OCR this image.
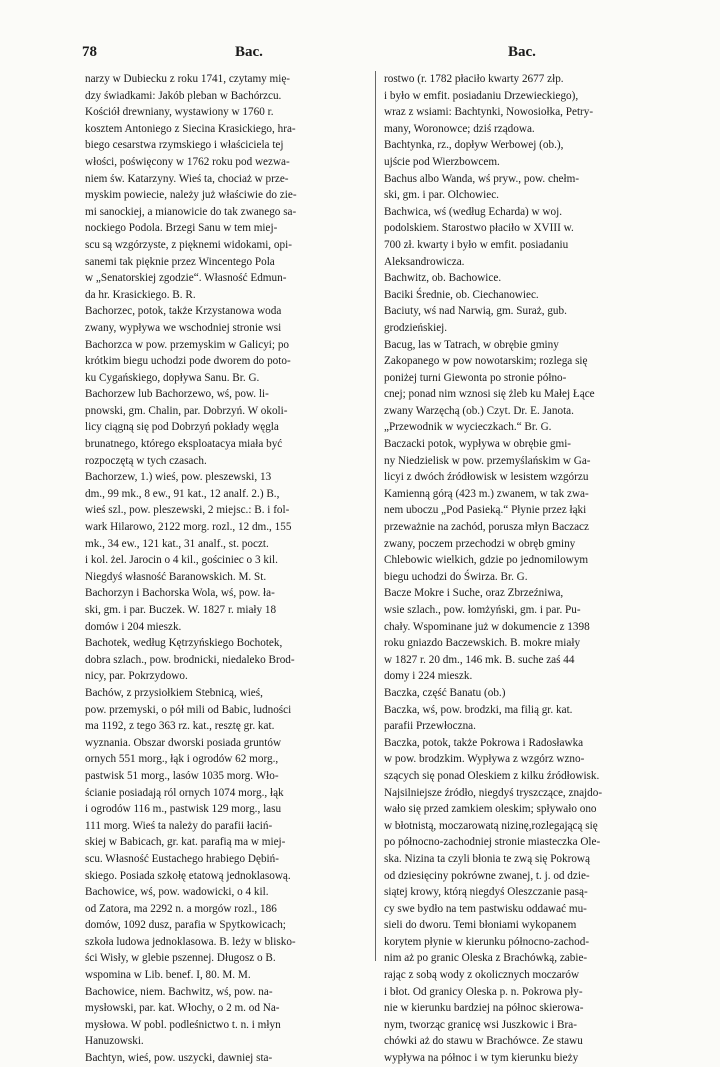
78	Bac.	Bac.
narzy w Dubiecku z roku 1741, czytamy mię-
dzy świadkami: Jakób pleban w Bachórzcu.
Kościół drewniany, wystawiony w 1760 r.
kosztem Antoniego z Siecina Krasickiego, hra-
biego cesarstwa rzymskiego i właściciela tej
włości, poświęcony w 1762 roku pod wezwa-
niem św. Katarzyny. Wieś ta, chociaż w prze-
myskim powiecie, należy już właściwie do zie-
mi sanockiej, a mianowicie do tak zwanego sa-
nockiego Podola. Brzegi Sanu w tem miej-
scu są wzgórzyste, z pięknemi widokami, opi-
sanemi tak pięknie przez Wincentego Pola
w „Senatorskiej zgodzie“. Własność Edmun-
da hr. Krasickiego. B. R.
Bachorzec, potok, także Krzystanowa woda
zwany, wypływa we wschodniej stronie wsi
Bachorzca w pow. przemyskim w Galicyi; po
krótkim biegu uchodzi pode dworem do poto-
ku Cygańskiego, dopływa Sanu. Br. G.
Bachorzew lub Bachorzewo, wś, pow. li-
pnowski, gm. Chalin, par. Dobrzyń. W okoli-
licy ciągną się pod Dobrzyń pokłady węgla
brunatnego, którego eksploatacya miała być
rozpoczętą w tych czasach.
Bachorzew, 1.) wieś, pow. pleszewski, 13
dm., 99 mk., 8 ew., 91 kat., 12 analf. 2.) B.,
wieś szl., pow. pleszewski, 2 miejsc.: B. i fol-
wark Hilarowo, 2122 morg. rozl., 12 dm., 155
mk., 34 ew., 121 kat., 31 analf., st. poczt.
i kol. żel. Jarocin o 4 kil., gościniec o 3 kil.
Niegdyś własność Baranowskich. M. St.
Bachorzyn i Bachorska Wola, wś, pow. ła-
ski, gm. i par. Buczek. W. 1827 r. miały 18
domów i 204 mieszk.
Bachotek, według Kętrzyńskiego Bochotek,
dobra szlach., pow. brodnicki, niedaleko Brod-
nicy, par. Pokrzydowo.
Bachów, z przysiołkiem Stebnicą, wieś,
pow. przemyski, o pół mili od Babic, ludności
ma 1192, z tego 363 rz. kat., resztę gr. kat.
wyznania. Obszar dworski posiada gruntów
ornych 551 morg., łąk i ogrodów 62 morg.,
pastwisk 51 morg., lasów 1035 morg. Wło-
ścianie posiadają ról ornych 1074 morg., łąk
i ogrodów 116 m., pastwisk 129 morg., lasu
111 morg. Wieś ta należy do parafii łaciń-
skiej w Babicach, gr. kat. parafią ma w miej-
scu. Własność Eustachego hrabiego Dębiń-
skiego. Posiada szkołę etatową jednoklasową.
Bachowice, wś, pow. wadowicki, o 4 kil.
od Zatora, ma 2292 n. a morgów rozl., 186
domów, 1092 dusz, parafia w Spytkowicach;
szkoła ludowa jednoklasowa. B. leży w blisko-
ści Wisły, w glebie pszennej. Długosz o B.
wspomina w Lib. benef. I, 80. M. M.
Bachowice, niem. Bachwitz, wś, pow. na-
mysłowski, par. kat. Włochy, o 2 m. od Na-
mysłowa. W pobl. podleśnictwo t. n. i młyn
Hanuzowski.
Bachtyn, wieś, pow. uszycki, dawniej sta-
rostwo (r. 1782 płaciło kwarty 2677 złp.
i było w emfit. posiadaniu Drzewieckiego),
wraz z wsiami: Bachtynki, Nowosiołka, Petry-
many, Woronowce; dziś rządowa.
Bachtynka, rz., dopływ Werbowej (ob.),
ujście pod Wierzbowcem.
Bachus albo Wanda, wś pryw., pow. chełm-
ski, gm. i par. Olchowiec.
Bachwica, wś (według Echarda) w woj.
podolskiem. Starostwo płaciło w XVIII w.
700 zł. kwarty i było w emfit. posiadaniu
Aleksandrowicza.
Bachwitz, ob. Bachowice.
Baciki Średnie, ob. Ciechanowiec.
Baciuty, wś nad Narwią, gm. Suraż, gub.
grodzieńskiej.
Bacug, las w Tatrach, w obrębie gminy
Zakopanego w pow nowotarskim; rozlega się
poniżej turni Giewonta po stronie półno-
cnej; ponad nim wznosi się żleb ku Małej Łące
zwany Warzęchą (ob.) Czyt. Dr. E. Janota.
„Przewodnik w wycieczkach.“ Br. G.
Baczacki potok, wypływa w obrębie gmi-
ny Niedzielisk w pow. przemyślańskim w Ga-
licyi z dwóch źródłowisk w lesistem wzgórzu
Kamienną górą (423 m.) zwanem, w tak zwa-
nem uboczu „Pod Pasieką.“ Płynie przez łąki
przeważnie na zachód, porusza młyn Baczacz
zwany, poczem przechodzi w obręb gminy
Chlebowic wielkich, gdzie po jednomilowym
biegu uchodzi do Świrza. Br. G.
Bacze Mokre i Suche, oraz Zbrzeźniwa,
wsie szlach., pow. łomżyński, gm. i par. Pu-
chały. Wspominane już w dokumencie z 1398
roku gniazdo Baczewskich. B. mokre miały
w 1827 r. 20 dm., 146 mk. B. suche zaś 44
domy i 224 mieszk.
Baczka, część Banatu (ob.)
Baczka, wś, pow. brodzki, ma filią gr. kat.
parafii Przewłoczna.
Baczka, potok, także Pokrowa i Radosławka
w pow. brodzkim. Wypływa z wzgórz wzno-
szących się ponad Oleskiem z kilku źródłowisk.
Najsilniejsze źródło, niegdyś tryszczące, znajdo-
wało się przed zamkiem oleskim; spływało ono
w błotnistą, moczarowatą nizinę,rozlegającą się
po północno-zachodniej stronie miasteczka Ole-
ska. Nizina ta czyli błonia te zwą się Pokrową
od dziesięciny pokrówne zwanej, t. j. od dzie-
siątej krowy, którą niegdyś Oleszczanie pasą-
cy swe bydło na tem pastwisku oddawać mu-
sieli do dworu. Temi błoniami wykopanem
korytem płynie w kierunku północno-zachod-
nim aż po granic Oleska z Brachówką, zabie-
rając z sobą wody z okolicznych moczarów
i błot. Od granicy Oleska p. n. Pokrowa pły-
nie w kierunku bardziej na północ skierowa-
nym, tworząc granicę wsi Juszkowic i Bra-
chówki aż do stawu w Brachówce. Ze stawu
wypływa na północ i w tym kierunku bieży
